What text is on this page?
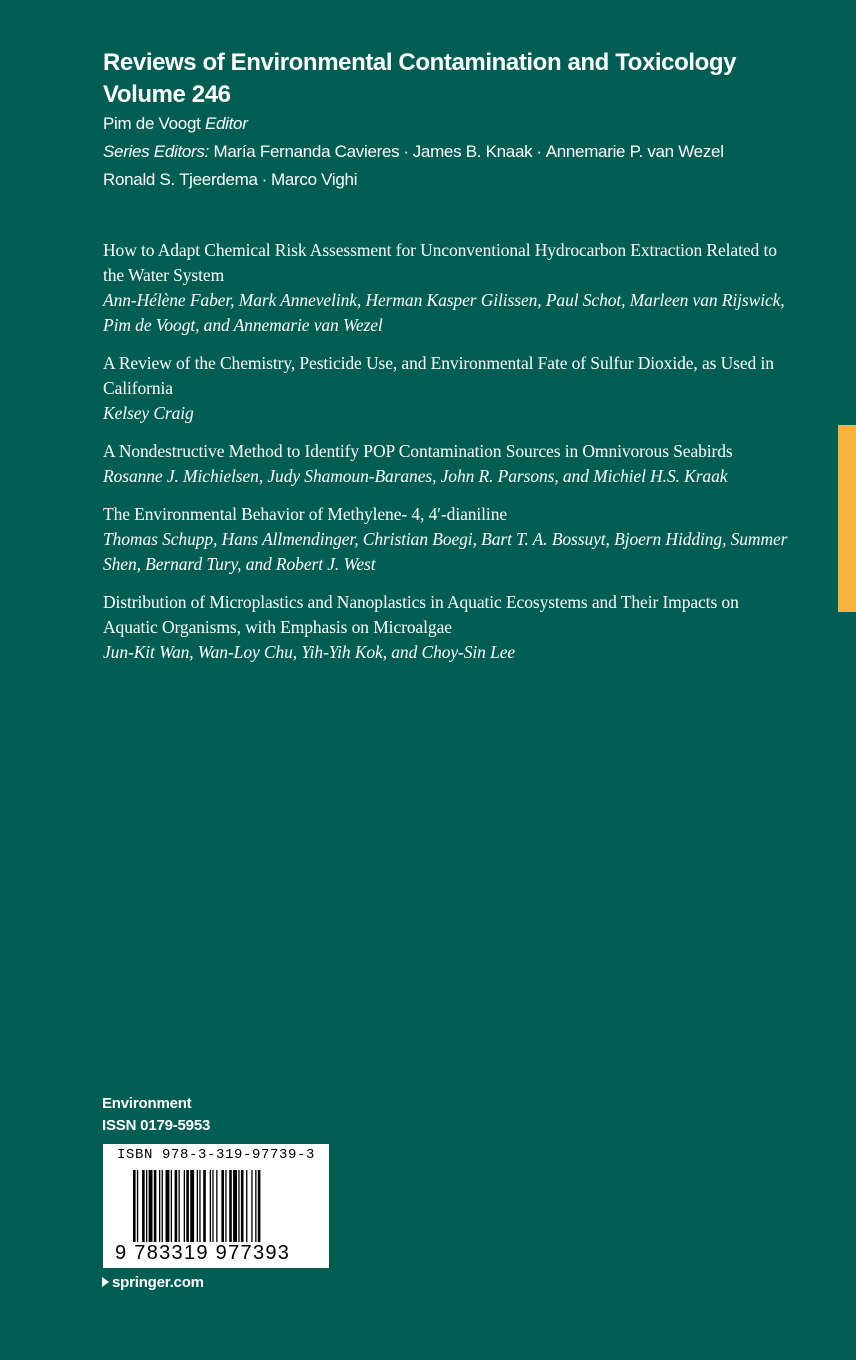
Reviews of Environmental Contamination and Toxicology
Volume 246
Pim de Voogt Editor
Series Editors: María Fernanda Cavieres · James B. Knaak · Annemarie P. van Wezel
Ronald S. Tjeerdema · Marco Vighi
How to Adapt Chemical Risk Assessment for Unconventional Hydrocarbon Extraction Related to the Water System
Ann-Hélène Faber, Mark Annevelink, Herman Kasper Gilissen, Paul Schot, Marleen van Rijswick, Pim de Voogt, and Annemarie van Wezel
A Review of the Chemistry, Pesticide Use, and Environmental Fate of Sulfur Dioxide, as Used in California
Kelsey Craig
A Nondestructive Method to Identify POP Contamination Sources in Omnivorous Seabirds
Rosanne J. Michielsen, Judy Shamoun-Baranes, John R. Parsons, and Michiel H.S. Kraak
The Environmental Behavior of Methylene- 4, 4′-dianiline
Thomas Schupp, Hans Allmendinger, Christian Boegi, Bart T. A. Bossuyt, Bjoern Hidding, Summer Shen, Bernard Tury, and Robert J. West
Distribution of Microplastics and Nanoplastics in Aquatic Ecosystems and Their Impacts on Aquatic Organisms, with Emphasis on Microalgae
Jun-Kit Wan, Wan-Loy Chu, Yih-Yih Kok, and Choy-Sin Lee
Environment
ISSN 0179-5953
ISBN 978-3-319-97739-3
9 783319 977393
springer.com
